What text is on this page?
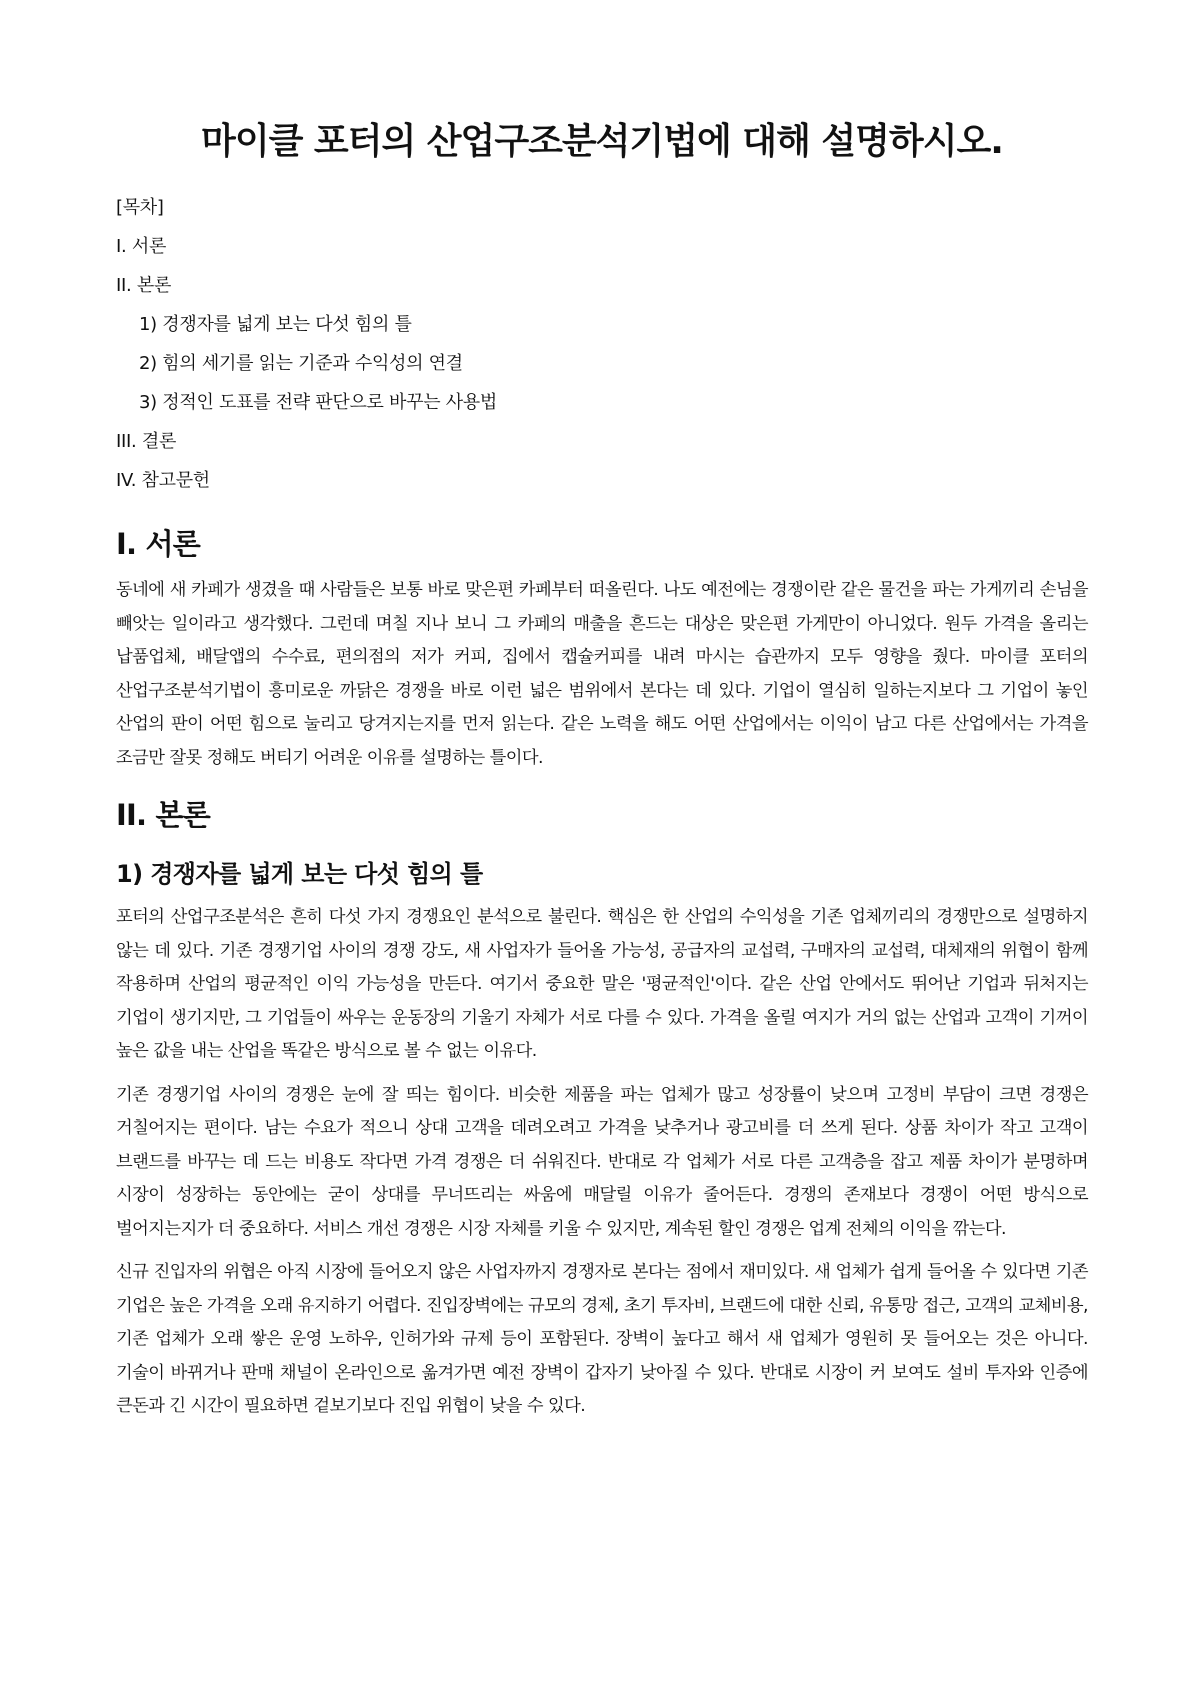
마이클 포터의 산업구조분석기법에 대해 설명하시오.
[목차]
I. 서론
II. 본론
1) 경쟁자를 넓게 보는 다섯 힘의 틀
2) 힘의 세기를 읽는 기준과 수익성의 연결
3) 정적인 도표를 전략 판단으로 바꾸는 사용법
III. 결론
IV. 참고문헌
I. 서론

동네에 새 카페가 생겼을 때 사람들은 보통 바로 맞은편 카페부터 떠올린다. 나도 예전에는 경쟁이란 같은 물건을 파는 가게끼리 손님을 빼앗는 일이라고 생각했다. 그런데 며칠 지나 보니 그 카페의 매출을 흔드는 대상은 맞은편 가게만이 아니었다. 원두 가격을 올리는 납품업체, 배달앱의 수수료, 편의점의 저가 커피, 집에서 캡슐커피를 내려 마시는 습관까지 모두 영향을 줬다. 마이클 포터의 산업구조분석기법이 흥미로운 까닭은 경쟁을 바로 이런 넓은 범위에서 본다는 데 있다. 기업이 열심히 일하는지보다 그 기업이 놓인 산업의 판이 어떤 힘으로 눌리고 당겨지는지를 먼저 읽는다. 같은 노력을 해도 어떤 산업에서는 이익이 남고 다른 산업에서는 가격을 조금만 잘못 정해도 버티기 어려운 이유를 설명하는 틀이다.

II. 본론
1) 경쟁자를 넓게 보는 다섯 힘의 틀

포터의 산업구조분석은 흔히 다섯 가지 경쟁요인 분석으로 불린다. 핵심은 한 산업의 수익성을 기존 업체끼리의 경쟁만으로 설명하지 않는 데 있다. 기존 경쟁기업 사이의 경쟁 강도, 새 사업자가 들어올 가능성, 공급자의 교섭력, 구매자의 교섭력, 대체재의 위협이 함께 작용하며 산업의 평균적인 이익 가능성을 만든다. 여기서 중요한 말은 '평균적인'이다. 같은 산업 안에서도 뛰어난 기업과 뒤처지는 기업이 생기지만, 그 기업들이 싸우는 운동장의 기울기 자체가 서로 다를 수 있다. 가격을 올릴 여지가 거의 없는 산업과 고객이 기꺼이 높은 값을 내는 산업을 똑같은 방식으로 볼 수 없는 이유다.

기존 경쟁기업 사이의 경쟁은 눈에 잘 띄는 힘이다. 비슷한 제품을 파는 업체가 많고 성장률이 낮으며 고정비 부담이 크면 경쟁은 거칠어지는 편이다. 남는 수요가 적으니 상대 고객을 데려오려고 가격을 낮추거나 광고비를 더 쓰게 된다. 상품 차이가 작고 고객이 브랜드를 바꾸는 데 드는 비용도 작다면 가격 경쟁은 더 쉬워진다. 반대로 각 업체가 서로 다른 고객층을 잡고 제품 차이가 분명하며 시장이 성장하는 동안에는 굳이 상대를 무너뜨리는 싸움에 매달릴 이유가 줄어든다. 경쟁의 존재보다 경쟁이 어떤 방식으로 벌어지는지가 더 중요하다. 서비스 개선 경쟁은 시장 자체를 키울 수 있지만, 계속된 할인 경쟁은 업계 전체의 이익을 깎는다.

신규 진입자의 위협은 아직 시장에 들어오지 않은 사업자까지 경쟁자로 본다는 점에서 재미있다. 새 업체가 쉽게 들어올 수 있다면 기존 기업은 높은 가격을 오래 유지하기 어렵다. 진입장벽에는 규모의 경제, 초기 투자비, 브랜드에 대한 신뢰, 유통망 접근, 고객의 교체비용, 기존 업체가 오래 쌓은 운영 노하우, 인허가와 규제 등이 포함된다. 장벽이 높다고 해서 새 업체가 영원히 못 들어오는 것은 아니다. 기술이 바뀌거나 판매 채널이 온라인으로 옮겨가면 예전 장벽이 갑자기 낮아질 수 있다. 반대로 시장이 커 보여도 설비 투자와 인증에 큰돈과 긴 시간이 필요하면 겉보기보다 진입 위협이 낮을 수 있다.
